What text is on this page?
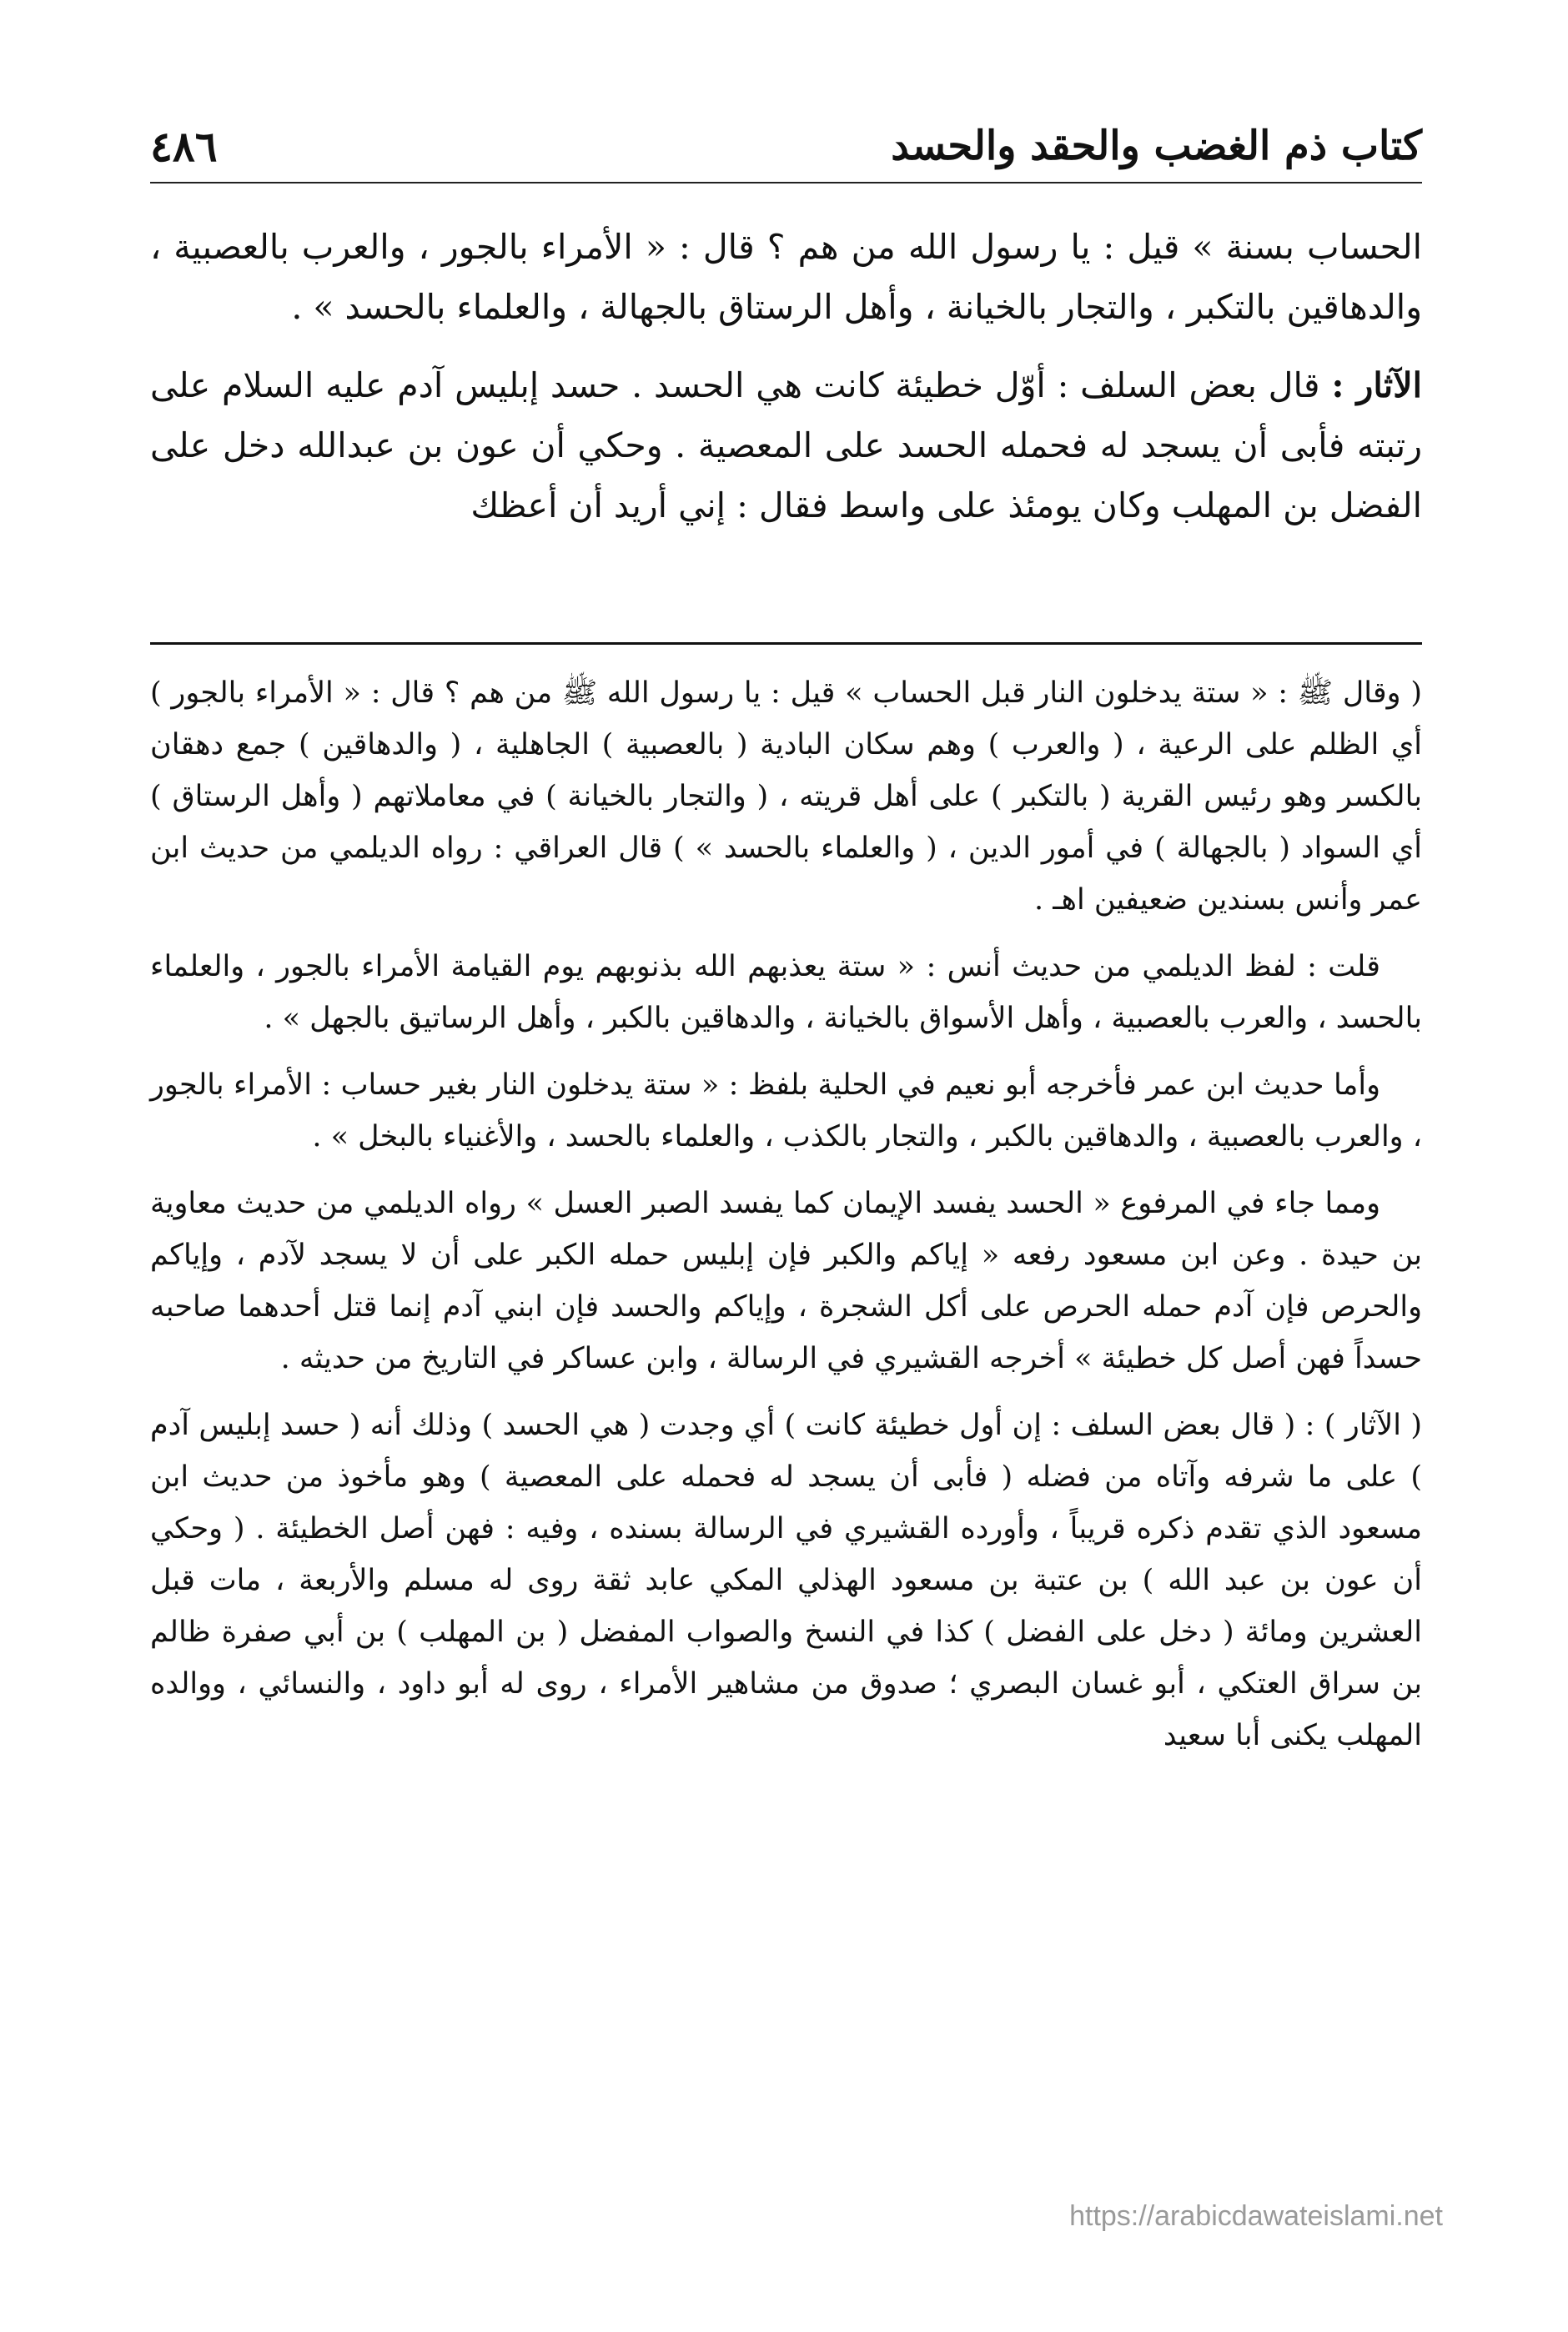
٤٨٦	كتاب ذم الغضب والحقد والحسد

الحساب بسنة » قيل : يا رسول الله من هم ؟ قال : « الأمراء بالجور ، والعرب بالعصبية ، والدهاقين بالتكبر ، والتجار بالخيانة ، وأهل الرستاق بالجهالة ، والعلماء بالحسد » .

الآثار : قال بعض السلف : أوّل خطيئة كانت هي الحسد . حسد إبليس آدم عليه السلام على رتبته فأبى أن يسجد له فحمله الحسد على المعصية . وحكي أن عون بن عبدالله دخل على الفضل بن المهلب وكان يومئذ على واسط فقال : إني أريد أن أعظك

( وقال ﷺ : « ستة يدخلون النار قبل الحساب » قيل : يا رسول الله ﷺ من هم ؟ قال : « الأمراء بالجور ) أي الظلم على الرعية ، ( والعرب ) وهم سكان البادية ( بالعصبية ) الجاهلية ، ( والدهاقين ) جمع دهقان بالكسر وهو رئيس القرية ( بالتكبر ) على أهل قريته ، ( والتجار بالخيانة ) في معاملاتهم ( وأهل الرستاق ) أي السواد ( بالجهالة ) في أمور الدين ، ( والعلماء بالحسد » ) قال العراقي : رواه الديلمي من حديث ابن عمر وأنس بسندين ضعيفين اهـ .

قلت : لفظ الديلمي من حديث أنس : « ستة يعذبهم الله بذنوبهم يوم القيامة الأمراء بالجور ، والعلماء بالحسد ، والعرب بالعصبية ، وأهل الأسواق بالخيانة ، والدهاقين بالكبر ، وأهل الرساتيق بالجهل » .

وأما حديث ابن عمر فأخرجه أبو نعيم في الحلية بلفظ : « ستة يدخلون النار بغير حساب : الأمراء بالجور ، والعرب بالعصبية ، والدهاقين بالكبر ، والتجار بالكذب ، والعلماء بالحسد ، والأغنياء بالبخل » .

ومما جاء في المرفوع « الحسد يفسد الإيمان كما يفسد الصبر العسل » رواه الديلمي من حديث معاوية بن حيدة . وعن ابن مسعود رفعه « إياكم والكبر فإن إبليس حمله الكبر على أن لا يسجد لآدم ، وإياكم والحرص فإن آدم حمله الحرص على أكل الشجرة ، وإياكم والحسد فإن ابني آدم إنما قتل أحدهما صاحبه حسداً فهن أصل كل خطيئة » أخرجه القشيري في الرسالة ، وابن عساكر في التاريخ من حديثه .

( الآثار ) : ( قال بعض السلف : إن أول خطيئة كانت ) أي وجدت ( هي الحسد ) وذلك أنه ( حسد إبليس آدم ) على ما شرفه وآتاه من فضله ( فأبى أن يسجد له فحمله على المعصية ) وهو مأخوذ من حديث ابن مسعود الذي تقدم ذكره قريباً ، وأورده القشيري في الرسالة بسنده ، وفيه : فهن أصل الخطيئة . ( وحكي أن عون بن عبد الله ) بن عتبة بن مسعود الهذلي المكي عابد ثقة روى له مسلم والأربعة ، مات قبل العشرين ومائة ( دخل على الفضل ) كذا في النسخ والصواب المفضل ( بن المهلب ) بن أبي صفرة ظالم بن سراق العتكي ، أبو غسان البصري ؛ صدوق من مشاهير الأمراء ، روى له أبو داود ، والنسائي ، ووالده المهلب يكنى أبا سعيد

https://arabicdawateislami.net
